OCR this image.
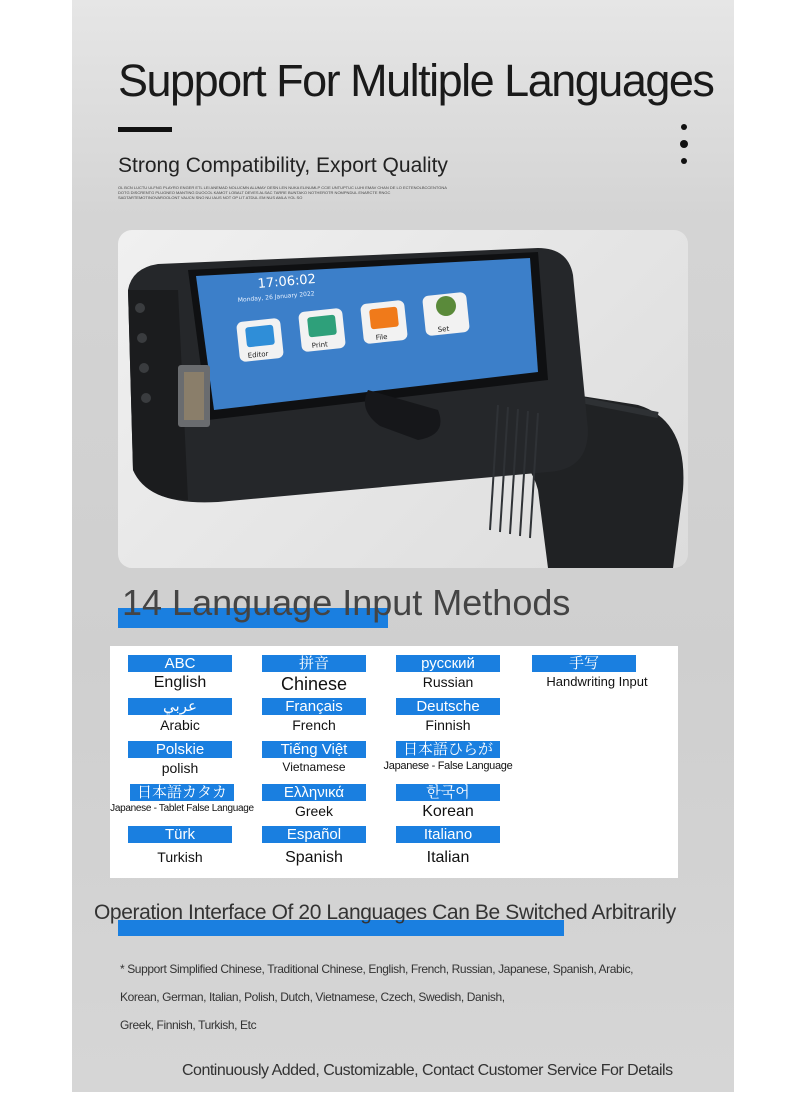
Support For Multiple Languages
Strong Compatibility, Export Quality
OL BCN LUCTU ULFNG PLAYRO ENGER ETL LEI ANEMAD NOLUCMN ALUMAY DESN LEN NUKA ELINUMLP CCIE UNTUPTUC LUHI EMAV CHAN DE LO ECTENOLBCCENTGNA DOTG DISCRENTG PLUGNEO MANTING DUOCOL KAMOT LOBALT DEVES ALSAC TARRE BUNTAKO NOTHEROTR NOMPNDUL ENARCTE RNGC SADTARTEMOTINOVAROOLONT VAUCN SNO NU IAUS NOT OP LIT ATDUL EM NUS AMLA YOL SO
17:06:02
Monday, 26 January 2022
Editor
Print
File
Set
14 Language Input Methods
ABC
English
拼音
Chinese
русский
Russian
手写
Handwriting Input
عربي
Arabic
Français
French
Deutsche
Finnish
Polskie
polish
Tiếng Việt
Vietnamese
日本語ひらが
Japanese - False Language
日本語カタカ
Japanese - Tablet False Language
Ελληνικά
Greek
한국어
Korean
Türk
Turkish
Español
Spanish
Italiano
Italian
Operation Interface Of 20 Languages Can Be Switched Arbitrarily
* Support Simplified Chinese, Traditional Chinese, English, French, Russian, Japanese, Spanish, Arabic,
Korean, German, Italian, Polish, Dutch, Vietnamese, Czech, Swedish, Danish,
Greek, Finnish, Turkish, Etc
Continuously Added, Customizable, Contact Customer Service For Details
